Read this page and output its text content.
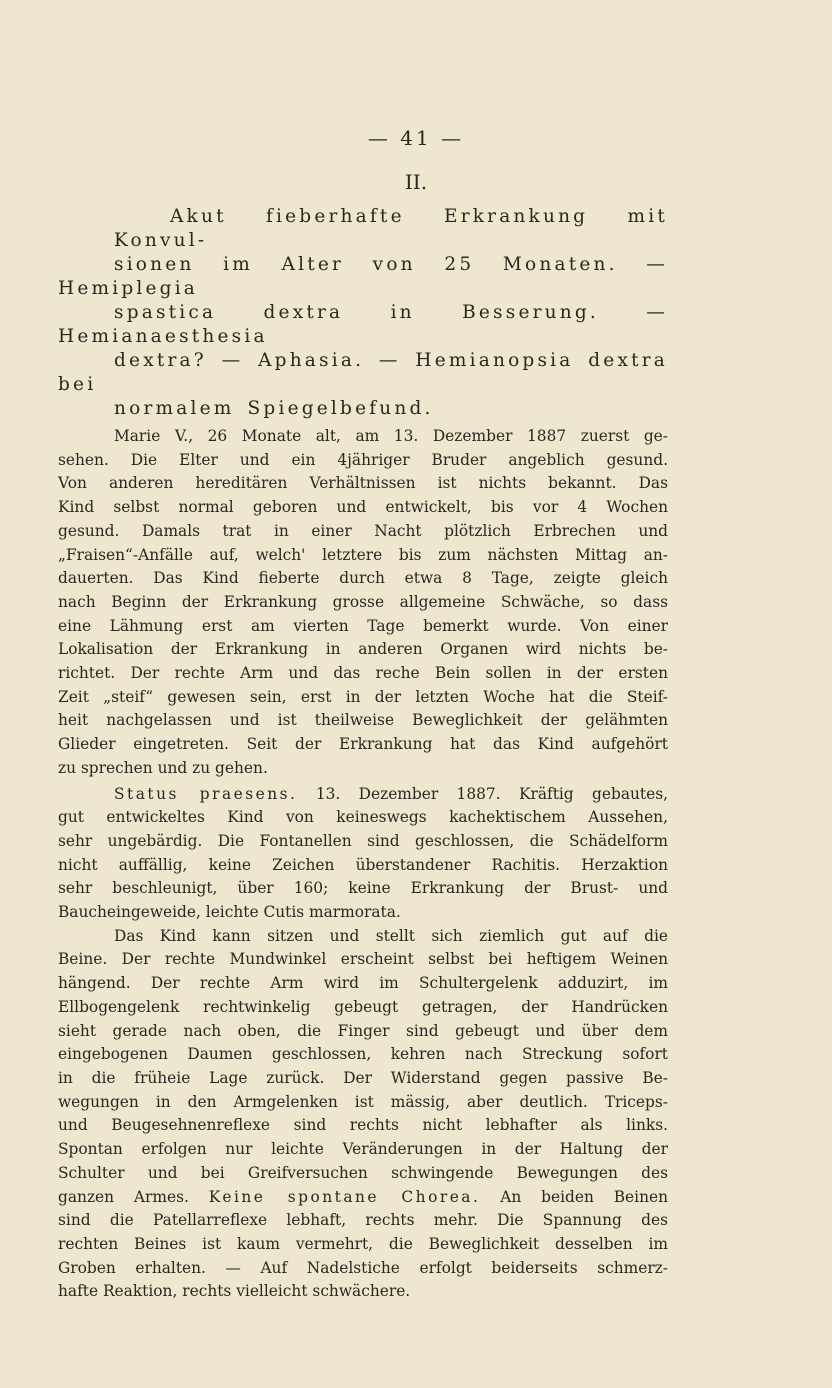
— 41 —
II.

Akut fieberhafte Erkrankung mit Konvul-
sionen im Alter von 25 Monaten. — Hemiplegia
spastica dextra in Besserung. — Hemianaesthesia
dextra? — Aphasia. — Hemianopsia dextra bei
normalem Spiegelbefund.

Marie V., 26 Monate alt, am 13. Dezember 1887 zuerst ge-
sehen. Die Elter und ein 4jähriger Bruder angeblich gesund.
Von anderen hereditären Verhältnissen ist nichts bekannt. Das
Kind selbst normal geboren und entwickelt, bis vor 4 Wochen
gesund. Damals trat in einer Nacht plötzlich Erbrechen und
„Fraisen“-Anfälle auf, welch' letztere bis zum nächsten Mittag an-
dauerten. Das Kind fieberte durch etwa 8 Tage, zeigte gleich
nach Beginn der Erkrankung grosse allgemeine Schwäche, so dass
eine Lähmung erst am vierten Tage bemerkt wurde. Von einer
Lokalisation der Erkrankung in anderen Organen wird nichts be-
richtet. Der rechte Arm und das reche Bein sollen in der ersten
Zeit „steif“ gewesen sein, erst in der letzten Woche hat die Steif-
heit nachgelassen und ist theilweise Beweglichkeit der gelähmten
Glieder eingetreten. Seit der Erkrankung hat das Kind aufgehört
zu sprechen und zu gehen.

Status praesens. 13. Dezember 1887. Kräftig gebautes,
gut entwickeltes Kind von keineswegs kachektischem Aussehen,
sehr ungebärdig. Die Fontanellen sind geschlossen, die Schädelform
nicht auffällig, keine Zeichen überstandener Rachitis. Herzaktion
sehr beschleunigt, über 160; keine Erkrankung der Brust- und
Baucheingeweide, leichte Cutis marmorata.

Das Kind kann sitzen und stellt sich ziemlich gut auf die
Beine. Der rechte Mundwinkel erscheint selbst bei heftigem Weinen
hängend. Der rechte Arm wird im Schultergelenk adduzirt, im
Ellbogengelenk rechtwinkelig gebeugt getragen, der Handrücken
sieht gerade nach oben, die Finger sind gebeugt und über dem
eingebogenen Daumen geschlossen, kehren nach Streckung sofort
in die früheie Lage zurück. Der Widerstand gegen passive Be-
wegungen in den Armgelenken ist mässig, aber deutlich. Triceps-
und Beugesehnenreflexe sind rechts nicht lebhafter als links.
Spontan erfolgen nur leichte Veränderungen in der Haltung der
Schulter und bei Greifversuchen schwingende Bewegungen des
ganzen Armes. Keine spontane Chorea. An beiden Beinen
sind die Patellarreflexe lebhaft, rechts mehr. Die Spannung des
rechten Beines ist kaum vermehrt, die Beweglichkeit desselben im
Groben erhalten. — Auf Nadelstiche erfolgt beiderseits schmerz-
hafte Reaktion, rechts vielleicht schwächere.
